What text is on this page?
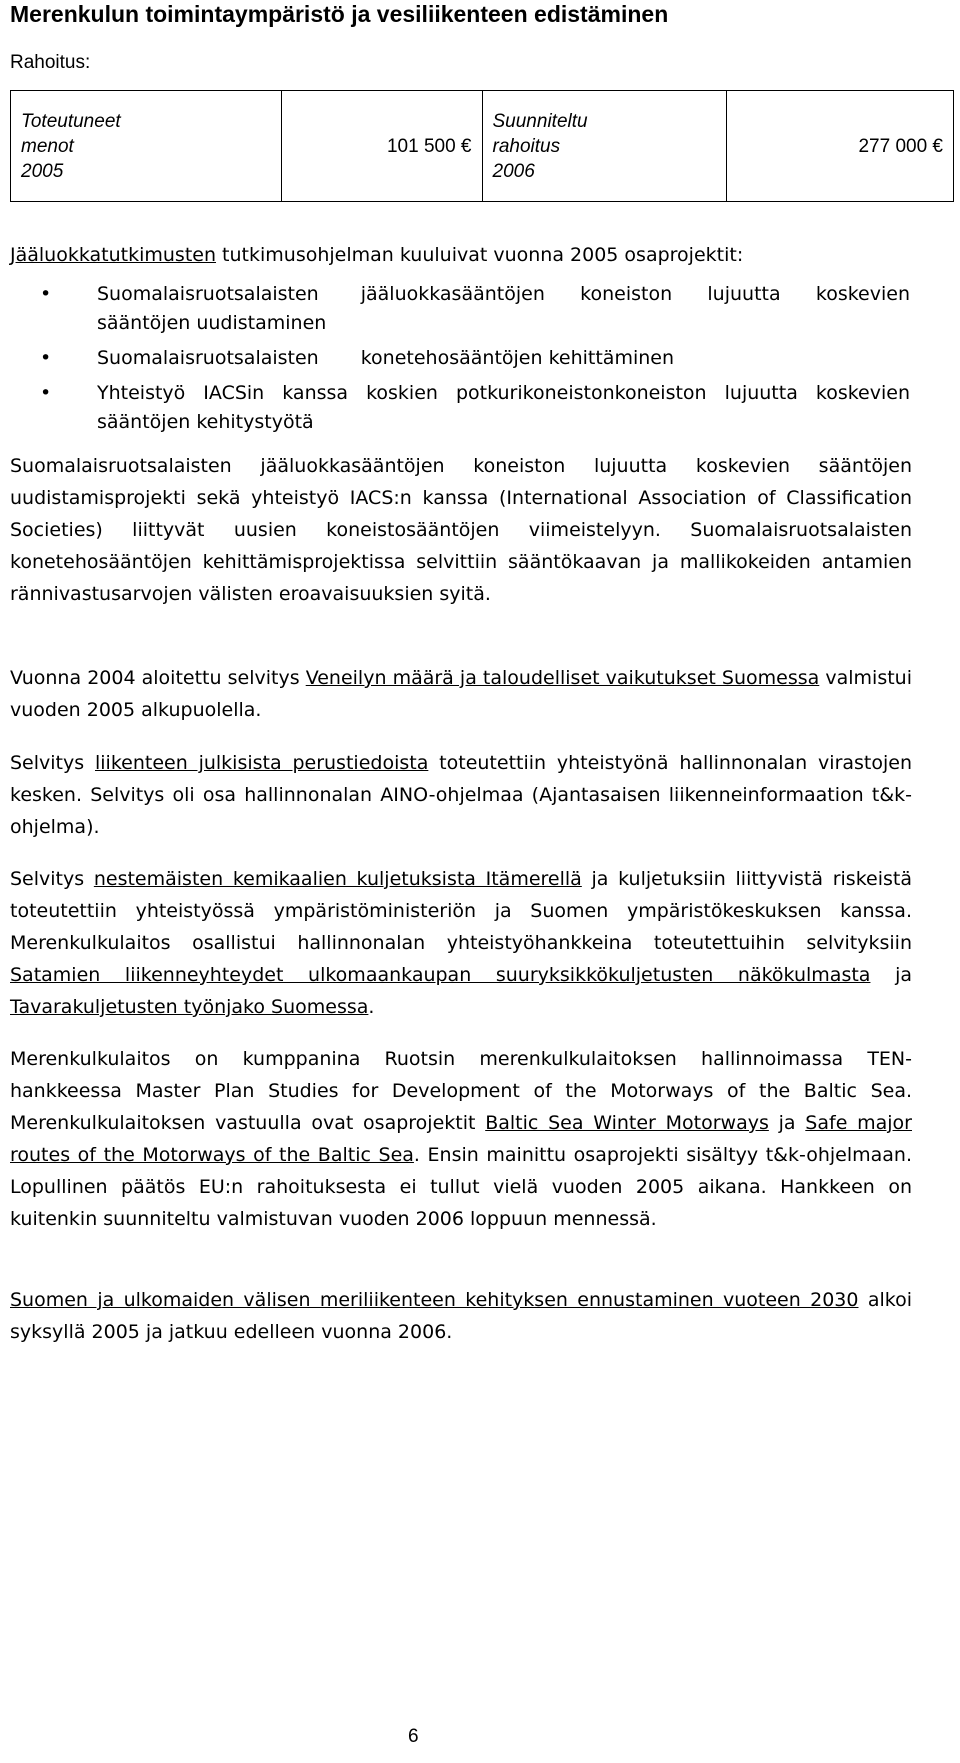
Merenkulun toimintaympäristö ja vesiliikenteen edistäminen
Rahoitus:
Toteutuneet
menot
2005	101 500 €	Suunniteltu
rahoitus
2006	277 000 €
Jääluokkatutkimusten tutkimusohjelman kuuluivat vuonna 2005 osaprojektit:
• Suomalaisruotsalaisten jääluokkasääntöjen koneiston lujuutta koskevien sääntöjen uudistaminen
• Suomalaisruotsalaisten konetehosääntöjen kehittäminen
• Yhteistyö IACSin kanssa koskien potkurikoneistonkoneiston lujuutta koskevien sääntöjen kehitystyötä

Suomalaisruotsalaisten jääluokkasääntöjen koneiston lujuutta koskevien sääntöjen uudistamisprojekti sekä yhteistyö IACS:n kanssa (International Association of Classification Societies) liittyvät uusien koneistosääntöjen viimeistelyyn. Suomalaisruotsalaisten konetehosääntöjen kehittämisprojektissa selvittiin sääntökaavan ja mallikokeiden antamien rännivastusarvojen välisten eroavaisuuksien syitä.

Vuonna 2004 aloitettu selvitys Veneilyn määrä ja taloudelliset vaikutukset Suomessa valmistui vuoden 2005 alkupuolella.

Selvitys liikenteen julkisista perustiedoista toteutettiin yhteistyönä hallinnonalan virastojen kesken. Selvitys oli osa hallinnonalan AINO-ohjelmaa (Ajantasaisen liikenneinformaation t&k-ohjelma).

Selvitys nestemäisten kemikaalien kuljetuksista Itämerellä ja kuljetuksiin liittyvistä riskeistä toteutettiin yhteistyössä ympäristöministeriön ja Suomen ympäristökeskuksen kanssa. Merenkulkulaitos osallistui hallinnonalan yhteistyöhankkeina toteutettuihin selvityksiin Satamien liikenneyhteydet ulkomaankaupan suuryksikkökuljetusten näkökulmasta ja Tavarakuljetusten työnjako Suomessa.

Merenkulkulaitos on kumppanina Ruotsin merenkulkulaitoksen hallinnoimassa TEN-hankkeessa Master Plan Studies for Development of the Motorways of the Baltic Sea. Merenkulkulaitoksen vastuulla ovat osaprojektit Baltic Sea Winter Motorways ja Safe major routes of the Motorways of the Baltic Sea. Ensin mainittu osaprojekti sisältyy t&k-ohjelmaan. Lopullinen päätös EU:n rahoituksesta ei tullut vielä vuoden 2005 aikana. Hankkeen on kuitenkin suunniteltu valmistuvan vuoden 2006 loppuun mennessä.

Suomen ja ulkomaiden välisen meriliikenteen kehityksen ennustaminen vuoteen 2030 alkoi syksyllä 2005 ja jatkuu edelleen vuonna 2006.

6
